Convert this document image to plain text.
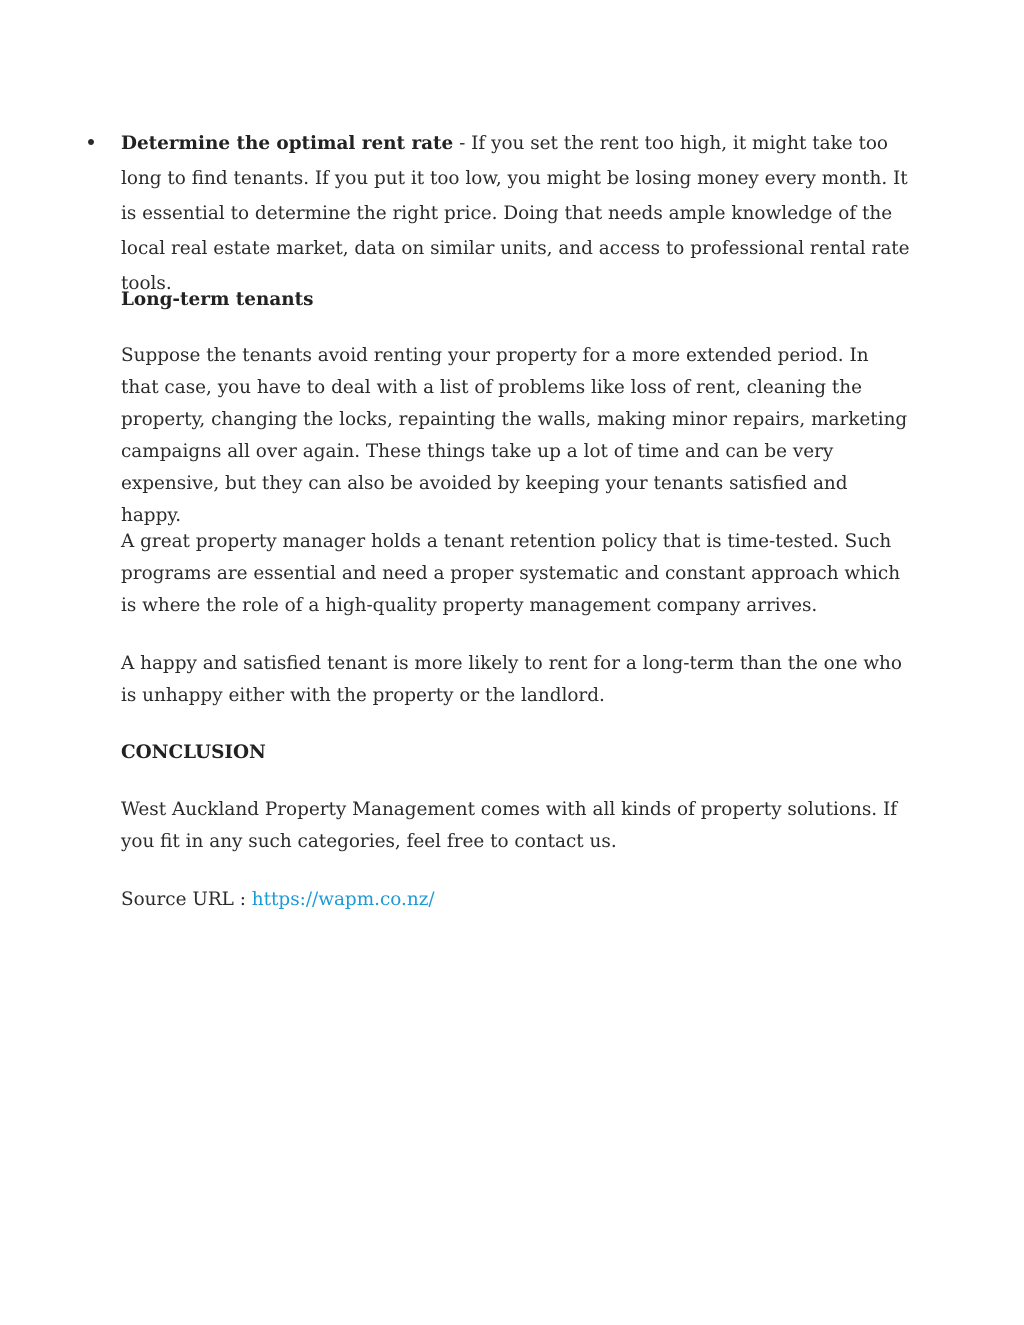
Determine the optimal rent rate - If you set the rent too high, it might take too long to find tenants. If you put it too low, you might be losing money every month. It is essential to determine the right price. Doing that needs ample knowledge of the local real estate market, data on similar units, and access to professional rental rate tools.

Long-term tenants

Suppose the tenants avoid renting your property for a more extended period. In that case, you have to deal with a list of problems like loss of rent, cleaning the property, changing the locks, repainting the walls, making minor repairs, marketing campaigns all over again. These things take up a lot of time and can be very expensive, but they can also be avoided by keeping your tenants satisfied and happy.

A great property manager holds a tenant retention policy that is time-tested. Such programs are essential and need a proper systematic and constant approach which is where the role of a high-quality property management company arrives.

A happy and satisfied tenant is more likely to rent for a long-term than the one who is unhappy either with the property or the landlord.

CONCLUSION

West Auckland Property Management comes with all kinds of property solutions. If you fit in any such categories, feel free to contact us.

Source URL : https://wapm.co.nz/
